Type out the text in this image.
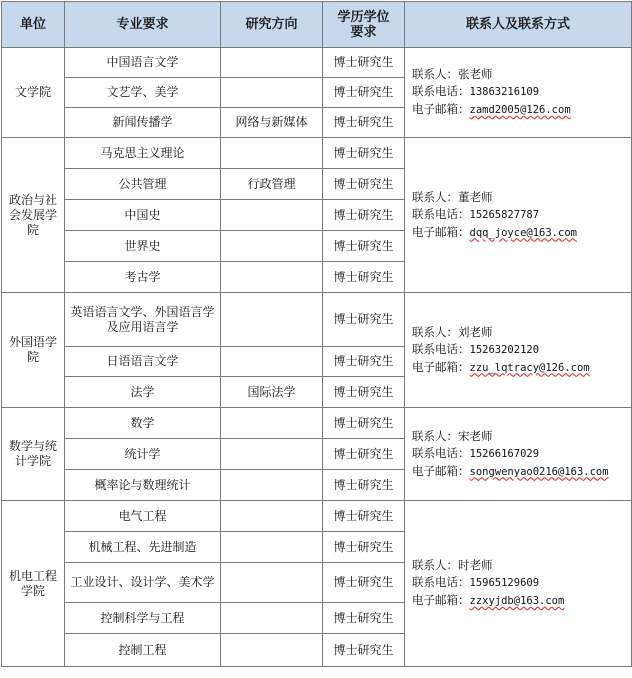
单位	专业要求	研究方向	学历学位要求	联系人及联系方式
文学院	中国语言文学		博士研究生	联系人：张老师
联系电话：13863216109
电子邮箱：zamd2005@126.com

	文艺学、美学		博士研究生	
	新闻传播学	网络与新媒体	博士研究生	
政治与社会发展学院	马克思主义理论		博士研究生	联系人：董老师
联系电话：15265827787
电子邮箱：dqq_joyce@163.com

	公共管理	行政管理	博士研究生	
	中国史		博士研究生	
	世界史		博士研究生	
	考古学		博士研究生	
外国语学院	英语语言文学、外国语言学及应用语言学		博士研究生	联系人：刘老师
联系电话：15263202120
电子邮箱：zzu_lqtracy@126.com

	日语语言文学		博士研究生	
	法学	国际法学	博士研究生	
数学与统计学院	数学		博士研究生	联系人：宋老师
联系电话：15266167029
电子邮箱：songwenyao0216@163.com

	统计学		博士研究生	
	概率论与数理统计		博士研究生	
机电工程学院	电气工程		博士研究生	联系人：时老师
联系电话：15965129609
电子邮箱：zzxyjdb@163.com

	机械工程、先进制造		博士研究生	
	工业设计、设计学、美术学		博士研究生	
	控制科学与工程		博士研究生	
	控制工程		博士研究生	
